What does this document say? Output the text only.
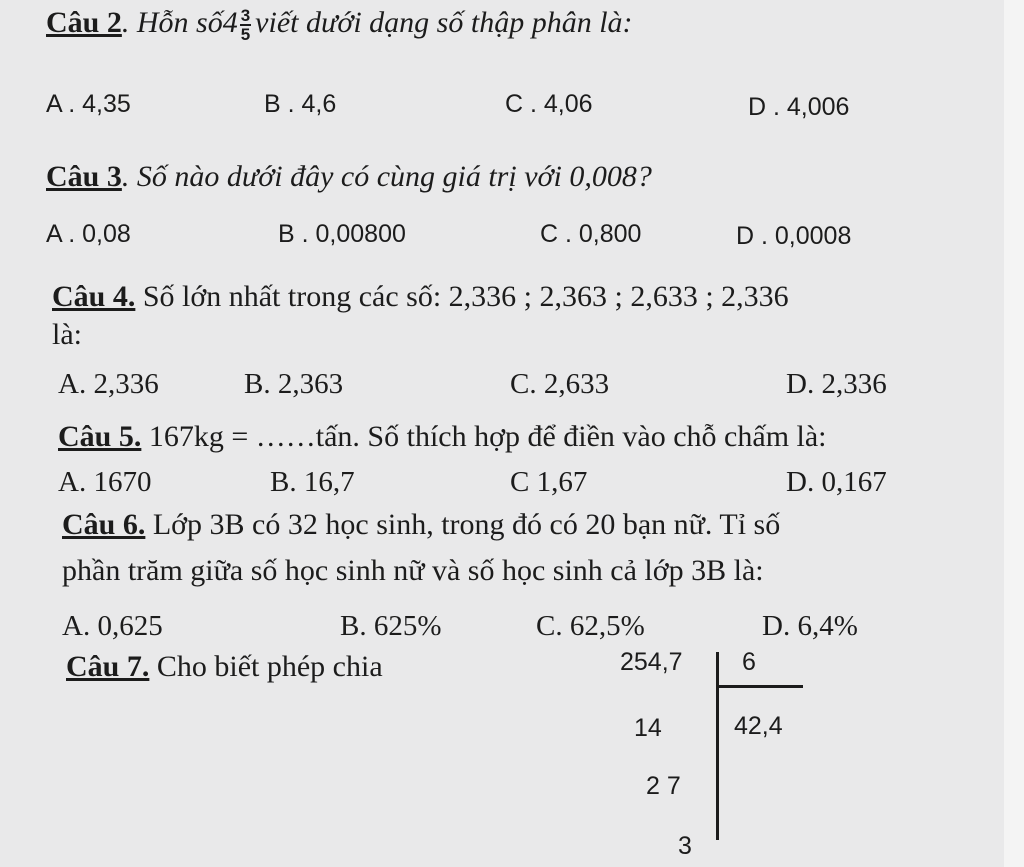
Câu 2. Hỗn số4 $\frac{3}{5}$ viết dưới dạng số thập phân là:
A . 4,35	B . 4,6	C . 4,06	D . 4,006
Câu 3. Số nào dưới đây có cùng giá trị với 0,008?
A . 0,08	B . 0,00800	C . 0,800	D . 0,0008
Câu 4. Số lớn nhất trong các số: 2,336 ; 2,363 ; 2,633 ; 2,336
là:
A. 2,336	B. 2,363	C. 2,633	D. 2,336
Câu 5. 167kg = ……tấn. Số thích hợp để điền vào chỗ chấm là:
A. 1670	B. 16,7	C 1,67	D. 0,167
Câu 6. Lớp 3B có 32 học sinh, trong đó có 20 bạn nữ. Tỉ số
phần trăm giữa số học sinh nữ và số học sinh cả lớp 3B là:
A. 0,625	B. 625%	C. 62,5%	D. 6,4%
Câu 7. Cho biết phép chia	254,7 6
42,4
14
2 7
3
